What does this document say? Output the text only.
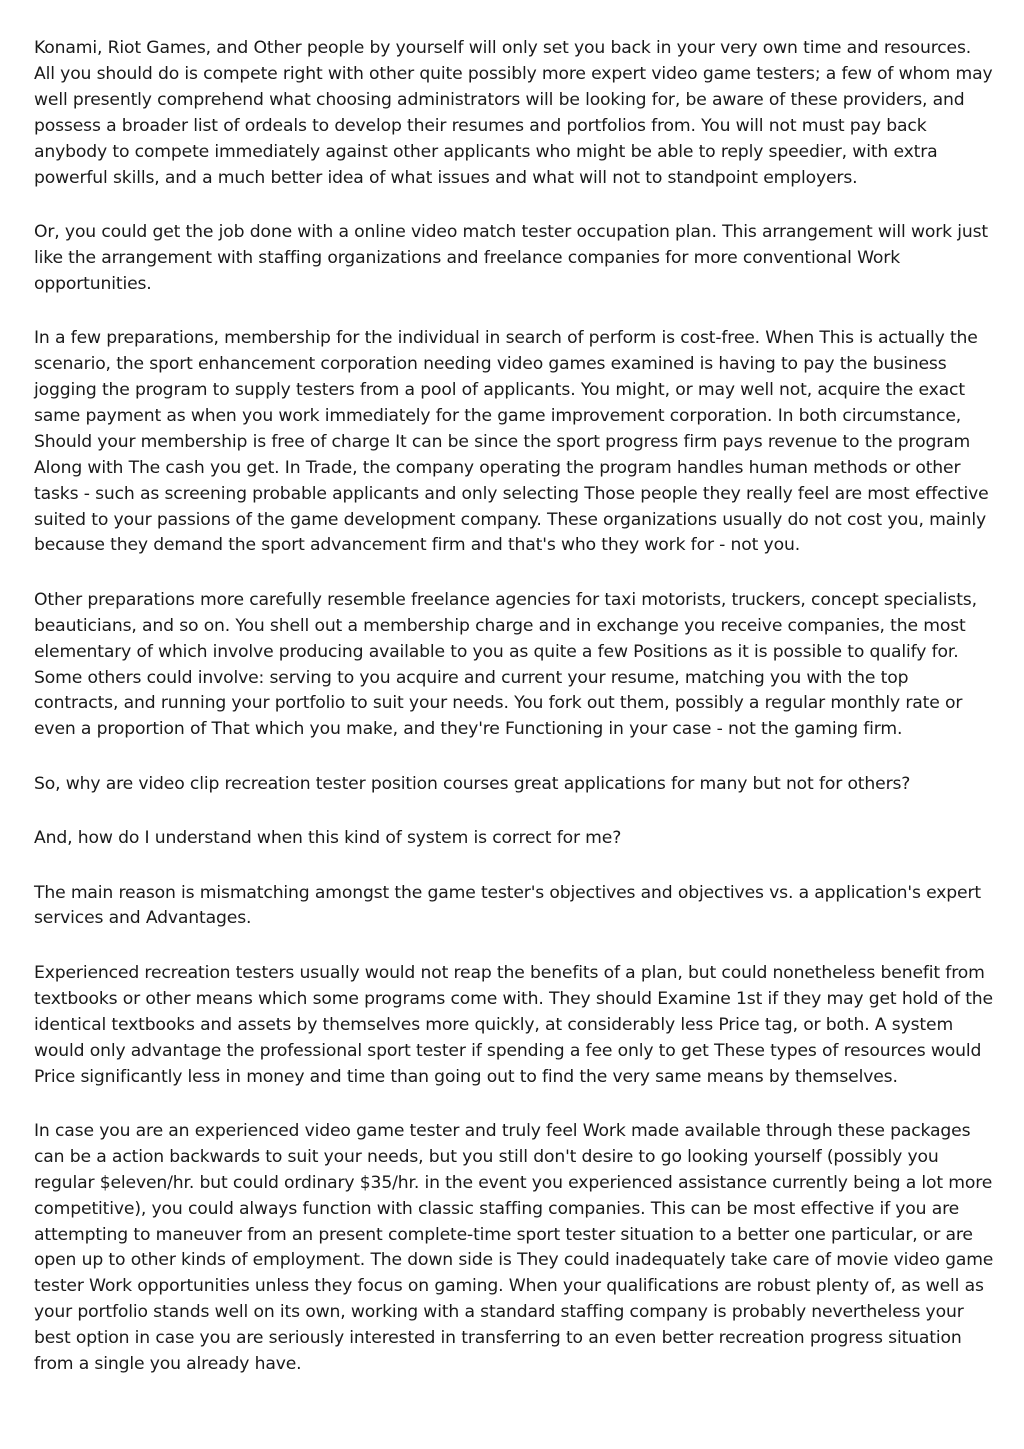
Konami, Riot Games, and Other people by yourself will only set you back in your very own time and resources. All you should do is compete right with other quite possibly more expert video game testers; a few of whom may well presently comprehend what choosing administrators will be looking for, be aware of these providers, and possess a broader list of ordeals to develop their resumes and portfolios from. You will not must pay back anybody to compete immediately against other applicants who might be able to reply speedier, with extra powerful skills, and a much better idea of what issues and what will not to standpoint employers.

Or, you could get the job done with a online video match tester occupation plan. This arrangement will work just like the arrangement with staffing organizations and freelance companies for more conventional Work opportunities.

In a few preparations, membership for the individual in search of perform is cost-free. When This is actually the scenario, the sport enhancement corporation needing video games examined is having to pay the business jogging the program to supply testers from a pool of applicants. You might, or may well not, acquire the exact same payment as when you work immediately for the game improvement corporation. In both circumstance, Should your membership is free of charge It can be since the sport progress firm pays revenue to the program Along with The cash you get. In Trade, the company operating the program handles human methods or other tasks - such as screening probable applicants and only selecting Those people they really feel are most effective suited to your passions of the game development company. These organizations usually do not cost you, mainly because they demand the sport advancement firm and that's who they work for - not you.

Other preparations more carefully resemble freelance agencies for taxi motorists, truckers, concept specialists, beauticians, and so on. You shell out a membership charge and in exchange you receive companies, the most elementary of which involve producing available to you as quite a few Positions as it is possible to qualify for. Some others could involve: serving to you acquire and current your resume, matching you with the top contracts, and running your portfolio to suit your needs. You fork out them, possibly a regular monthly rate or even a proportion of That which you make, and they're Functioning in your case - not the gaming firm.

So, why are video clip recreation tester position courses great applications for many but not for others?

And, how do I understand when this kind of system is correct for me?

The main reason is mismatching amongst the game tester's objectives and objectives vs. a application's expert services and Advantages.

Experienced recreation testers usually would not reap the benefits of a plan, but could nonetheless benefit from textbooks or other means which some programs come with. They should Examine 1st if they may get hold of the identical textbooks and assets by themselves more quickly, at considerably less Price tag, or both. A system would only advantage the professional sport tester if spending a fee only to get These types of resources would Price significantly less in money and time than going out to find the very same means by themselves.

In case you are an experienced video game tester and truly feel Work made available through these packages can be a action backwards to suit your needs, but you still don't desire to go looking yourself (possibly you regular $eleven/hr. but could ordinary $35/hr. in the event you experienced assistance currently being a lot more competitive), you could always function with classic staffing companies. This can be most effective if you are attempting to maneuver from an present complete-time sport tester situation to a better one particular, or are open up to other kinds of employment. The down side is They could inadequately take care of movie video game tester Work opportunities unless they focus on gaming. When your qualifications are robust plenty of, as well as your portfolio stands well on its own, working with a standard staffing company is probably nevertheless your best option in case you are seriously interested in transferring to an even better recreation progress situation from a single you already have.
